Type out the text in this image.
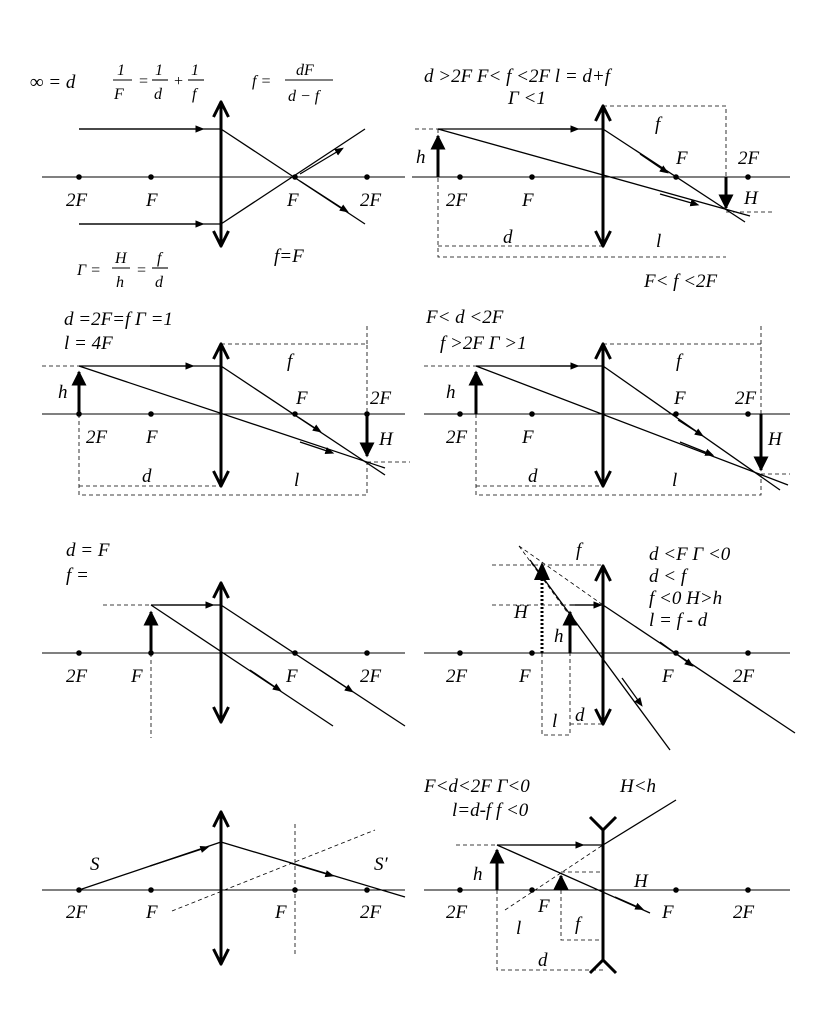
∞ = d
1
F
=
1
d
+
1
f
f =
dF
d − f
2F	F	F	2F
Γ =
H
h
=
f
d
f=F
d >2F F< f <2F l = d+f
Γ <1
h
f
F	2F
H
2F	F
d	l
F< f <2F
d =2F=f Γ =1
l = 4F
h
f
F	2F
H
2F F
d	l
F< d <2F
f >2F Γ >1
h
f
F	2F
H
2F	F
d	l
d = F
f =
2F F	F	2F
d <F Γ <0
d < f
f <0 H>h
l = f - d
f
H
h
2F	F	F	2F
l d
S	S′
2F	F	F	2F
F<d<2F Γ<0
l=d-f f <0
H<h
h	H
2F	F	F	2F
l	f
d
